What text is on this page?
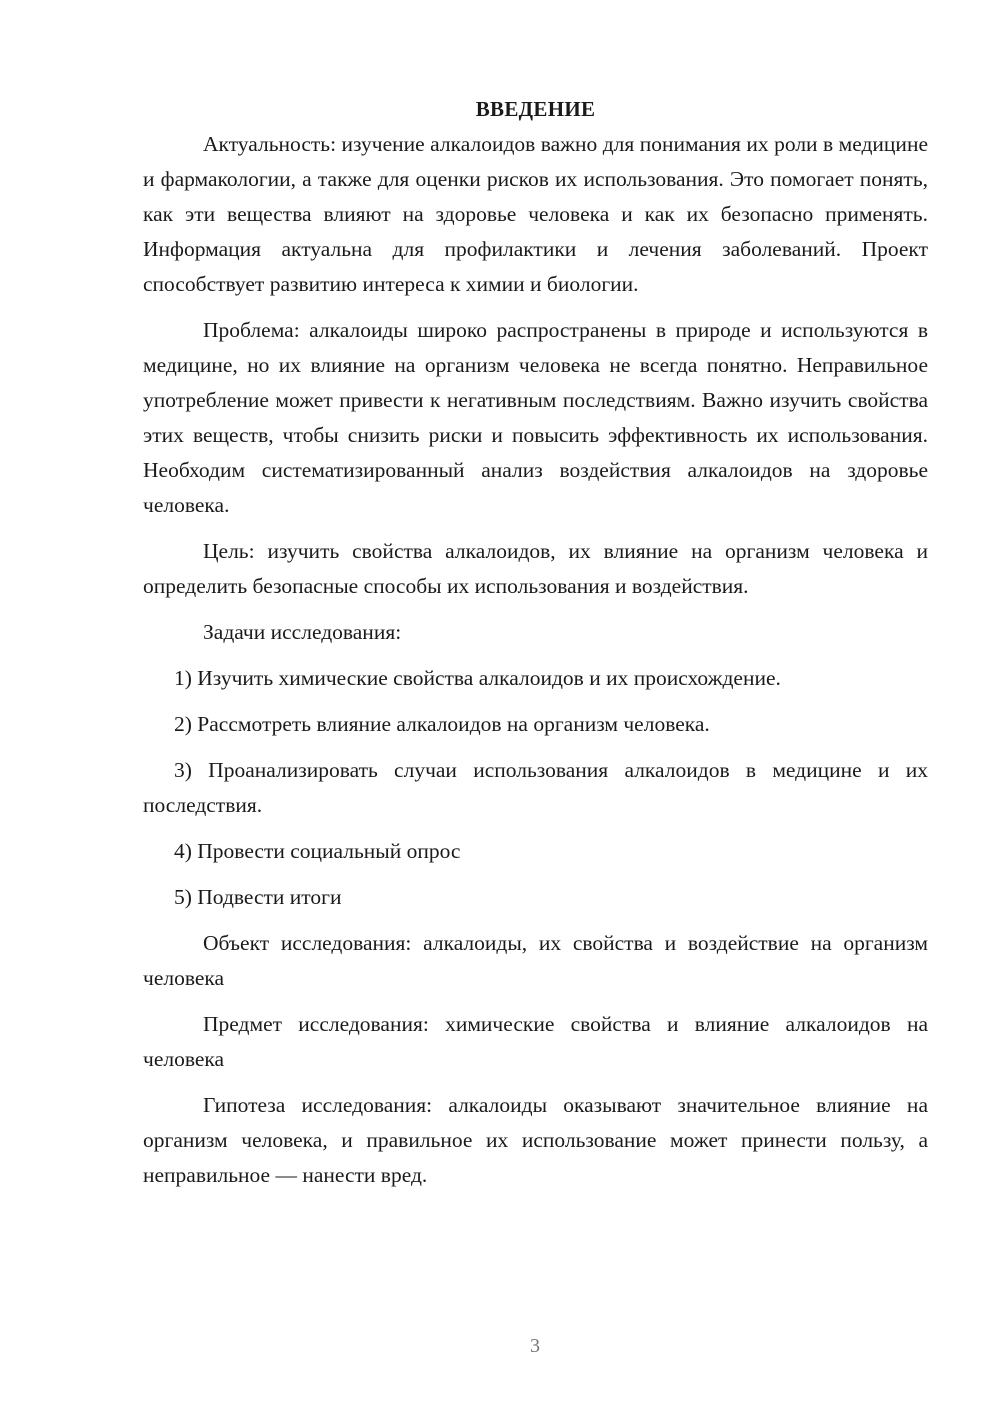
ВВЕДЕНИЕ

Актуальность: изучение алкалоидов важно для понимания их роли в медицине и фармакологии, а также для оценки рисков их использования. Это помогает понять, как эти вещества влияют на здоровье человека и как их безопасно применять. Информация актуальна для профилактики и лечения заболеваний. Проект способствует развитию интереса к химии и биологии.

Проблема: алкалоиды широко распространены в природе и используются в медицине, но их влияние на организм человека не всегда понятно. Неправильное употребление может привести к негативным последствиям. Важно изучить свойства этих веществ, чтобы снизить риски и повысить эффективность их использования. Необходим систематизированный анализ воздействия алкалоидов на здоровье человека.

Цель: изучить свойства алкалоидов, их влияние на организм человека и определить безопасные способы их использования и воздействия.

Задачи исследования:

1) Изучить химические свойства алкалоидов и их происхождение.

2) Рассмотреть влияние алкалоидов на организм человека.

3) Проанализировать случаи использования алкалоидов в медицине и их последствия.

4) Провести социальный опрос

5) Подвести итоги

Объект исследования: алкалоиды, их свойства и воздействие на организм человека

Предмет исследования: химические свойства и влияние алкалоидов на человека

Гипотеза исследования: алкалоиды оказывают значительное влияние на организм человека, и правильное их использование может принести пользу, а неправильное — нанести вред.

3
